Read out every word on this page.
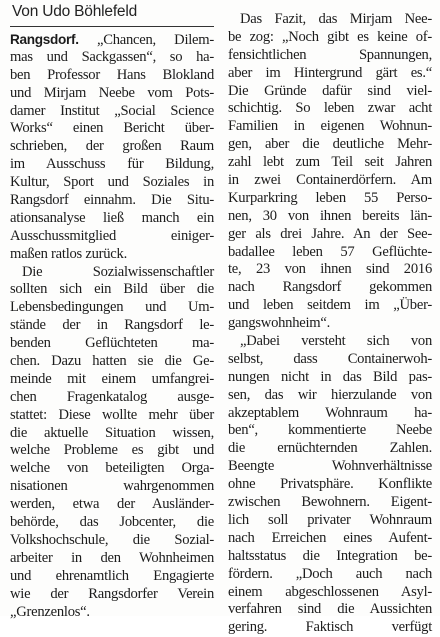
Von Udo Böhlefeld
Rangsdorf. „Chancen, Dilem-
mas und Sackgassen“, so ha-
ben Professor Hans Blokland
und Mirjam Neebe vom Pots-
damer Institut „Social Science
Works“ einen Bericht über-
schrieben, der großen Raum
im Ausschuss für Bildung,
Kultur, Sport und Soziales in
Rangsdorf einnahm. Die Situ-
ationsanalyse ließ manch ein
Ausschussmitglied einiger-
maßen ratlos zurück.
Die Sozialwissenschaftler
sollten sich ein Bild über die
Lebensbedingungen und Um-
stände der in Rangsdorf le-
benden Geflüchteten ma-
chen. Dazu hatten sie die Ge-
meinde mit einem umfangrei-
chen Fragenkatalog ausge-
stattet: Diese wollte mehr über
die aktuelle Situation wissen,
welche Probleme es gibt und
welche von beteiligten Orga-
nisationen wahrgenommen
werden, etwa der Ausländer-
behörde, das Jobcenter, die
Volkshochschule, die Sozial-
arbeiter in den Wohnheimen
und ehrenamtlich Engagierte
wie der Rangsdorfer Verein
„Grenzenlos“.
Das Fazit, das Mirjam Nee-
be zog: „Noch gibt es keine of-
fensichtlichen Spannungen,
aber im Hintergrund gärt es.“
Die Gründe dafür sind viel-
schichtig. So leben zwar acht
Familien in eigenen Wohnun-
gen, aber die deutliche Mehr-
zahl lebt zum Teil seit Jahren
in zwei Containerdörfern. Am
Kurparkring leben 55 Perso-
nen, 30 von ihnen bereits län-
ger als drei Jahre. An der See-
badallee leben 57 Geflüchte-
te, 23 von ihnen sind 2016
nach Rangsdorf gekommen
und leben seitdem im „Über-
gangswohnheim“.
„Dabei versteht sich von
selbst, dass Containerwoh-
nungen nicht in das Bild pas-
sen, das wir hierzulande von
akzeptablem Wohnraum ha-
ben“, kommentierte Neebe
die ernüchternden Zahlen.
Beengte Wohnverhältnisse
ohne Privatsphäre. Konflikte
zwischen Bewohnern. Eigent-
lich soll privater Wohnraum
nach Erreichen eines Aufent-
haltsstatus die Integration be-
fördern. „Doch auch nach
einem abgeschlossenen Asyl-
verfahren sind die Aussichten
gering. Faktisch verfügt
